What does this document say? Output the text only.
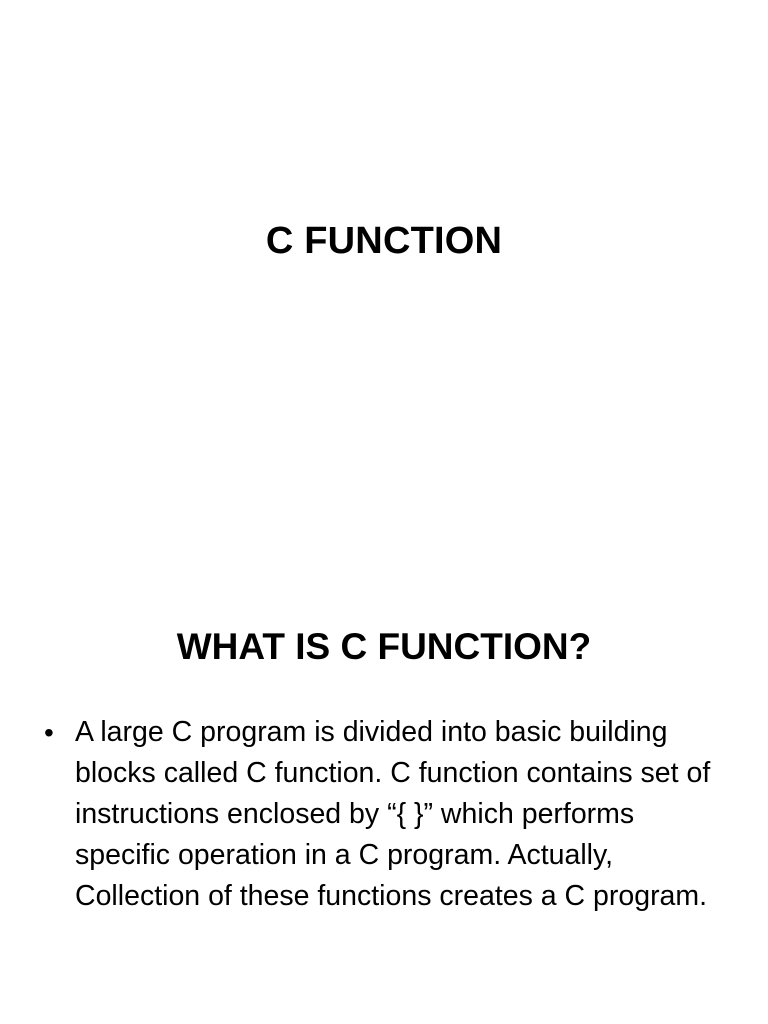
C FUNCTION
WHAT IS C FUNCTION?
• A large C program is divided into basic building blocks called C function. C function contains set of instructions enclosed by “{ }” which performs specific operation in a C program. Actually, Collection of these functions creates a C program.
